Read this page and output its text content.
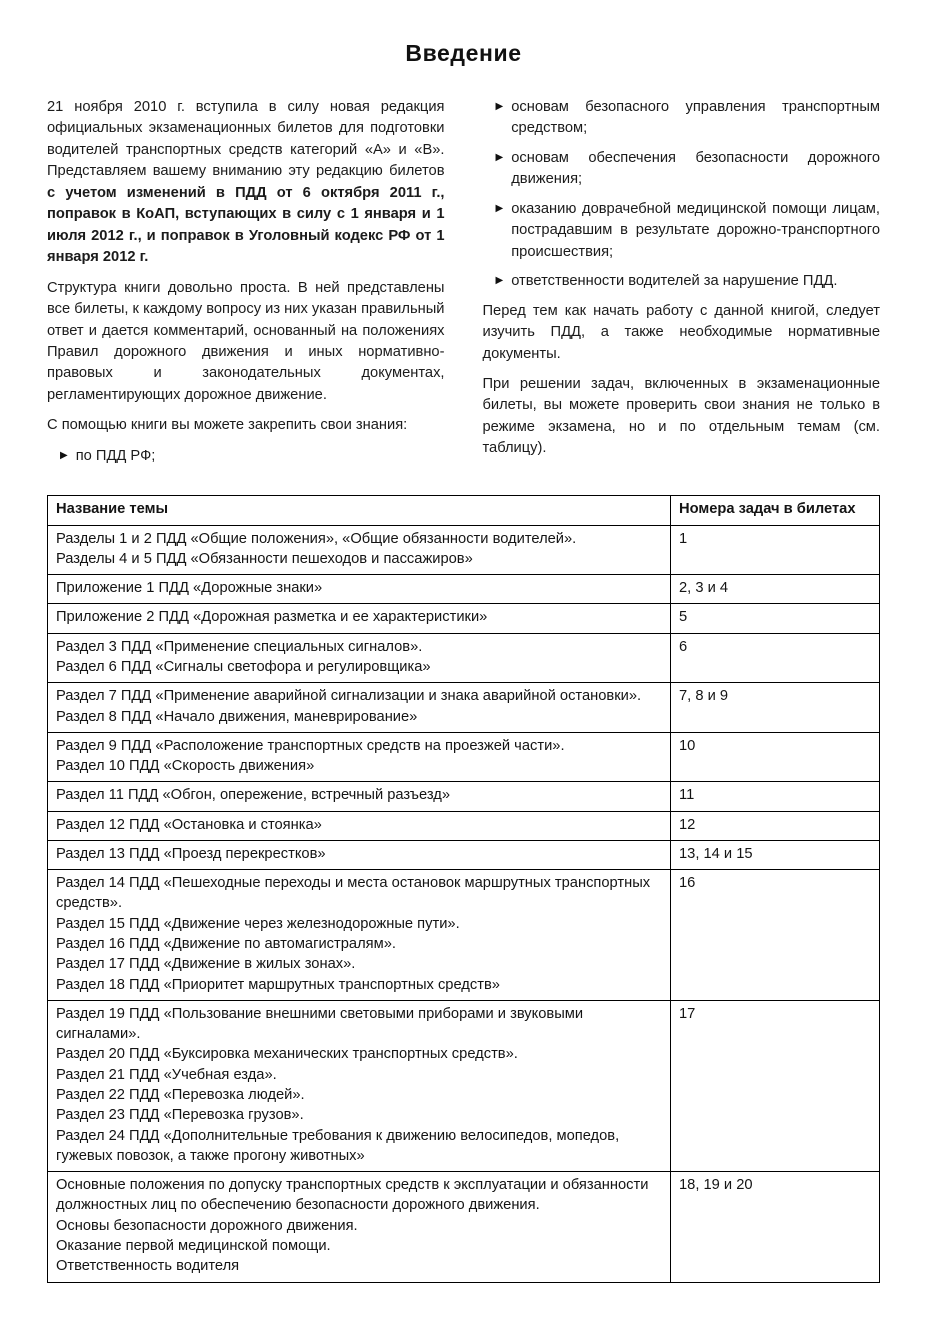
Введение

21 ноября 2010 г. вступила в силу новая редакция официальных экзаменационных билетов для подготовки водителей транспортных средств категорий «А» и «В». Представляем вашему вниманию эту редакцию билетов с учетом изменений в ПДД от 6 октября 2011 г., поправок в КоАП, вступающих в силу с 1 января и 1 июля 2012 г., и поправок в Уголовный кодекс РФ от 1 января 2012 г.

Структура книги довольно проста. В ней представлены все билеты, к каждому вопросу из них указан правильный ответ и дается комментарий, основанный на положениях Правил дорожного движения и иных нормативно-правовых и законодательных документах, регламентирующих дорожное движение.

С помощью книги вы можете закрепить свои знания:

▶ по ПДД РФ;
▶ основам безопасного управления транспортным средством;
▶ основам обеспечения безопасности дорожного движения;
▶ оказанию доврачебной медицинской помощи лицам, пострадавшим в результате дорожно-транспортного происшествия;
▶ ответственности водителей за нарушение ПДД.

Перед тем как начать работу с данной книгой, следует изучить ПДД, а также необходимые нормативные документы.

При решении задач, включенных в экзаменационные билеты, вы можете проверить свои знания не только в режиме экзамена, но и по отдельным темам (см. таблицу).

Название темы	Номера задач в билетах

Разделы 1 и 2 ПДД «Общие положения», «Общие обязанности водителей».
Разделы 4 и 5 ПДД «Обязанности пешеходов и пассажиров»	1

Приложение 1 ПДД «Дорожные знаки»	2, 3 и 4

Приложение 2 ПДД «Дорожная разметка и ее характеристики»	5

Раздел 3 ПДД «Применение специальных сигналов».
Раздел 6 ПДД «Сигналы светофора и регулировщика»	6

Раздел 7 ПДД «Применение аварийной сигнализации и знака аварийной остановки».
Раздел 8 ПДД «Начало движения, маневрирование»	7, 8 и 9

Раздел 9 ПДД «Расположение транспортных средств на проезжей части».
Раздел 10 ПДД «Скорость движения»	10

Раздел 11 ПДД «Обгон, опережение, встречный разъезд»	11

Раздел 12 ПДД «Остановка и стоянка»	12

Раздел 13 ПДД «Проезд перекрестков»	13, 14 и 15

Раздел 14 ПДД «Пешеходные переходы и места остановок маршрутных транспортных средств».
Раздел 15 ПДД «Движение через железнодорожные пути».
Раздел 16 ПДД «Движение по автомагистралям».
Раздел 17 ПДД «Движение в жилых зонах».
Раздел 18 ПДД «Приоритет маршрутных транспортных средств»	16

Раздел 19 ПДД «Пользование внешними световыми приборами и звуковыми сигналами».
Раздел 20 ПДД «Буксировка механических транспортных средств».
Раздел 21 ПДД «Учебная езда».
Раздел 22 ПДД «Перевозка людей».
Раздел 23 ПДД «Перевозка грузов».
Раздел 24 ПДД «Дополнительные требования к движению велосипедов, мопедов, гужевых повозок, а также прогону животных»
	17

Основные положения по допуску транспортных средств к эксплуатации и обязанности должностных лиц по обеспечению безопасности дорожного движения.
Основы безопасности дорожного движения.
Оказание первой медицинской помощи.
Ответственность водителя	18, 19 и 20
